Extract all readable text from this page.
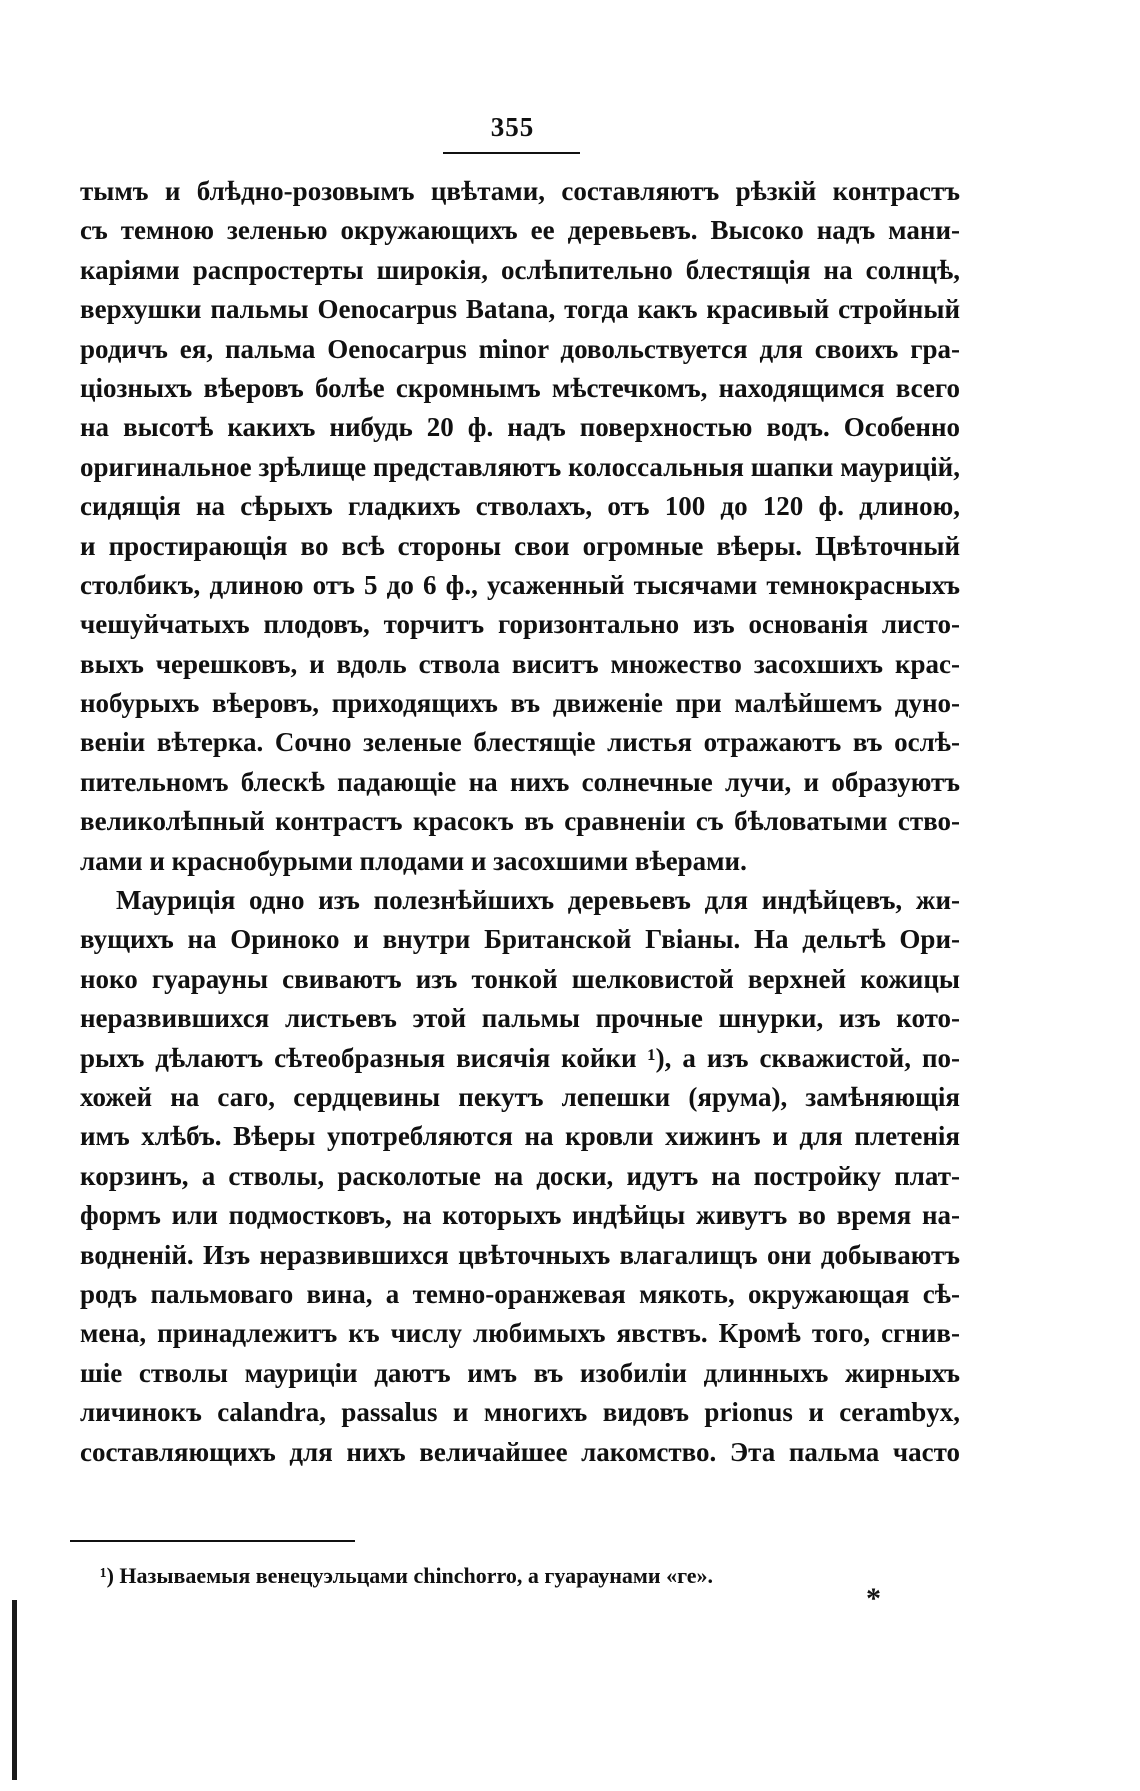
355
тымъ и блѣдно-розовымъ цвѣтами, составляютъ рѣзкій контрастъ
съ темною зеленью окружающихъ ее деревьевъ. Высоко надъ мани-
каріями распростерты широкія, ослѣпительно блестящія на солнцѣ,
верхушки пальмы Oenocarpus Batana, тогда какъ красивый стройный
родичъ ея, пальма Oenocarpus minor довольствуется для своихъ гра-
ціозныхъ вѣеровъ болѣе скромнымъ мѣстечкомъ, находящимся всего
на высотѣ какихъ нибудь 20 ф. надъ поверхностью водъ. Особенно
оригинальное зрѣлище представляютъ колоссальныя шапки маурицій,
сидящія на сѣрыхъ гладкихъ стволахъ, отъ 100 до 120 ф. длиною,
и простирающія во всѣ стороны свои огромные вѣеры. Цвѣточный
столбикъ, длиною отъ 5 до 6 ф., усаженный тысячами темнокрасныхъ
чешуйчатыхъ плодовъ, торчитъ горизонтально изъ основанія листо-
выхъ черешковъ, и вдоль ствола виситъ множество засохшихъ крас-
нобурыхъ вѣеровъ, приходящихъ въ движеніе при малѣйшемъ дуно-
веніи вѣтерка. Сочно зеленые блестящіе листья отражаютъ въ ослѣ-
пительномъ блескѣ падающіе на нихъ солнечные лучи, и образуютъ
великолѣпный контрастъ красокъ въ сравненіи съ бѣловатыми ство-
лами и краснобурыми плодами и засохшими вѣерами.
Маурицiя одно изъ полезнѣйшихъ деревьевъ для индѣйцевъ, жи-
вущихъ на Ориноко и внутри Британской Гвіаны. На дельтѣ Ори-
ноко гуарауны свиваютъ изъ тонкой шелковистой верхней кожицы
неразвившихся листьевъ этой пальмы прочные шнурки, изъ кото-
рыхъ дѣлаютъ сѣтеобразныя висячія койки ¹), а изъ скважистой, по-
хожей на саго, сердцевины пекутъ лепешки (ярума), замѣняющія
имъ хлѣбъ. Вѣеры употребляются на кровли хижинъ и для плетенія
корзинъ, а стволы, расколотые на доски, идутъ на постройку плат-
формъ или подмостковъ, на которыхъ индѣйцы живутъ во время на-
водненій. Изъ неразвившихся цвѣточныхъ влагалищъ они добываютъ
родъ пальмоваго вина, а темно-оранжевая мякоть, окружающая сѣ-
мена, принадлежитъ къ числу любимыхъ явствъ. Кромѣ того, сгнив-
шіе стволы маурицiи даютъ имъ въ изобиліи длинныхъ жирныхъ
личинокъ calandra, passalus и многихъ видовъ prionus и cerambyx,
составляющихъ для нихъ величайшее лакомство. Эта пальма часто
¹) Называемыя венецуэльцами chinchorro, а гуараунами «ге».
*
